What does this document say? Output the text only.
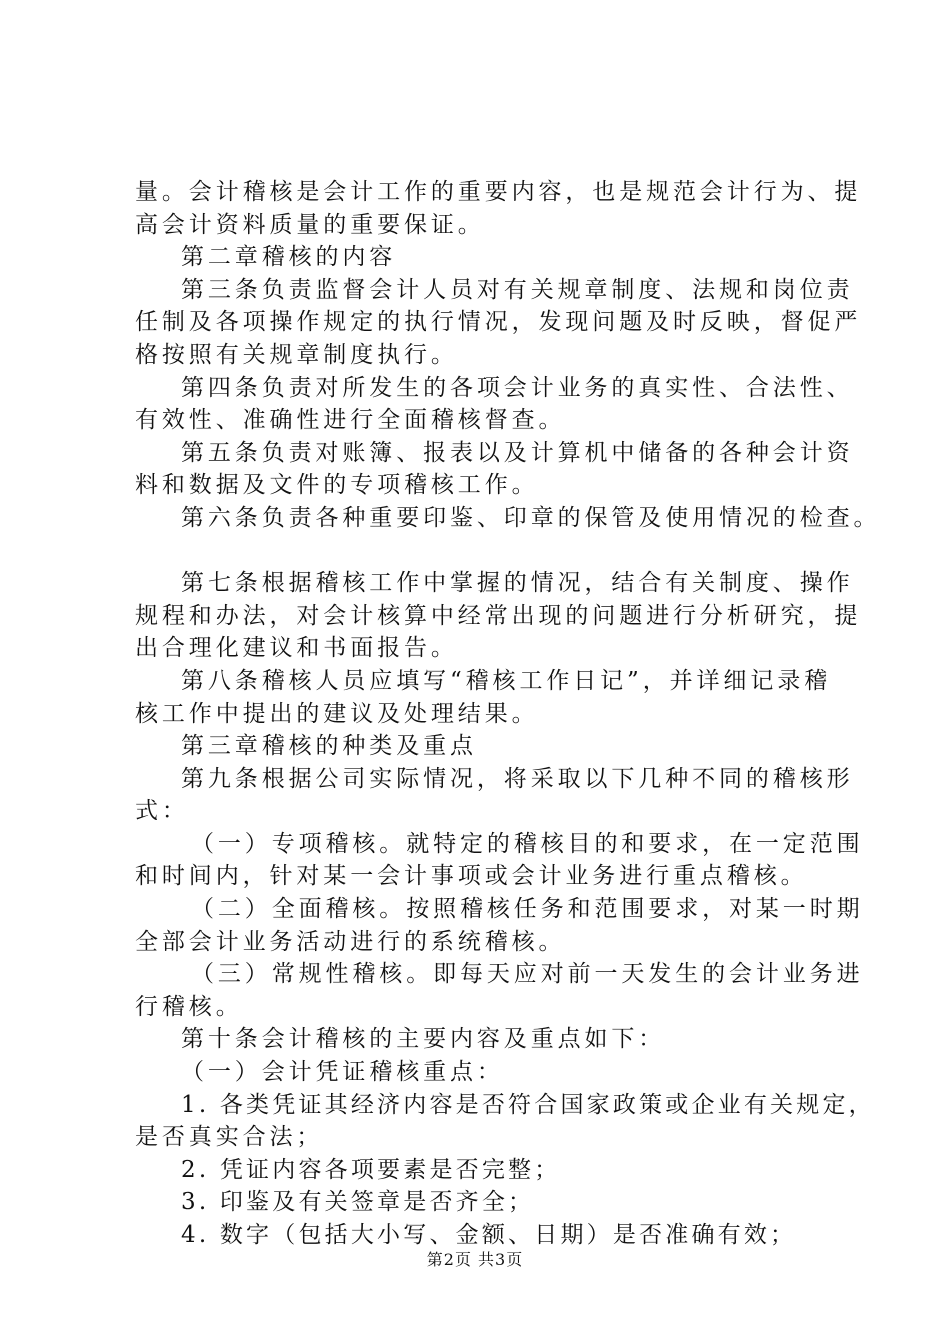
量。会计稽核是会计工作的重要内容，也是规范会计行为、提
高会计资料质量的重要保证。
第二章稽核的内容
第三条负责监督会计人员对有关规章制度、法规和岗位责
任制及各项操作规定的执行情况，发现问题及时反映，督促严
格按照有关规章制度执行。
第四条负责对所发生的各项会计业务的真实性、合法性、
有效性、准确性进行全面稽核督查。
第五条负责对账簿、报表以及计算机中储备的各种会计资
料和数据及文件的专项稽核工作。
第六条负责各种重要印鉴、印章的保管及使用情况的检查。
第七条根据稽核工作中掌握的情况，结合有关制度、操作
规程和办法，对会计核算中经常出现的问题进行分析研究，提
出合理化建议和书面报告。
第八条稽核人员应填写“稽核工作日记”，并详细记录稽
核工作中提出的建议及处理结果。
第三章稽核的种类及重点
第九条根据公司实际情况，将采取以下几种不同的稽核形
式：
（一）专项稽核。就特定的稽核目的和要求，在一定范围
和时间内，针对某一会计事项或会计业务进行重点稽核。
（二）全面稽核。按照稽核任务和范围要求，对某一时期
全部会计业务活动进行的系统稽核。
（三）常规性稽核。即每天应对前一天发生的会计业务进
行稽核。
第十条会计稽核的主要内容及重点如下：
（一）会计凭证稽核重点：
1. 各类凭证其经济内容是否符合国家政策或企业有关规定，
是否真实合法；
2. 凭证内容各项要素是否完整；
3. 印鉴及有关签章是否齐全；
4. 数字（包括大小写、金额、日期）是否准确有效；
第2页 共3页
